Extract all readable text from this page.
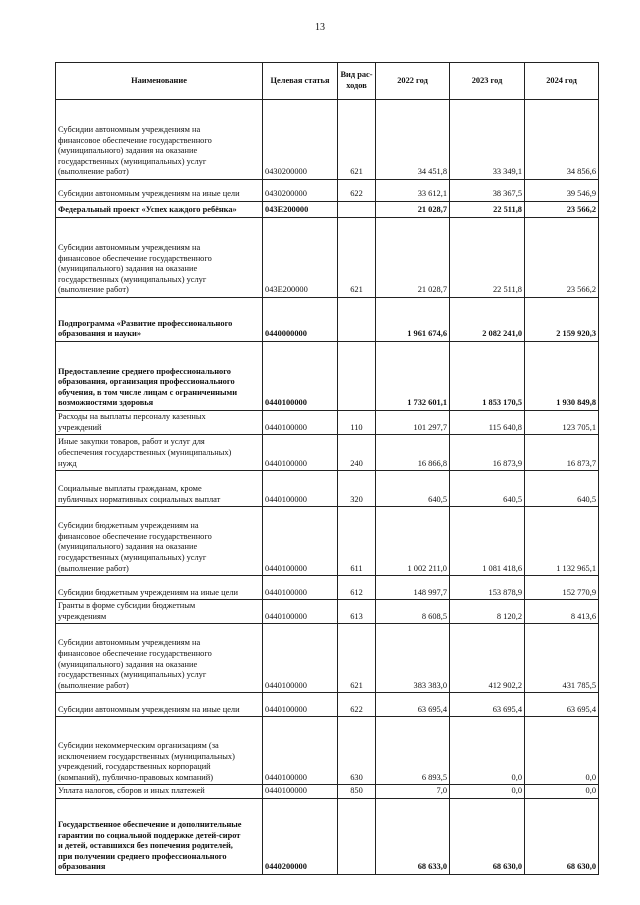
13
Наименование	Целевая статья	Вид рас-
ходов	2022 год	2023 год	2024 год

Субсидии автономным учреждениям на
финансовое обеспечение государственного
(муниципального) задания на оказание
государственных (муниципальных) услуг
(выполнение работ)	0430200000	621	34 451,8	33 349,1	34 856,6

Субсидии автономным учреждениям на иные цели	0430200000	622	33 612,1	38 367,5	39 546,9

Федеральный проект «Успех каждого ребёнка»	043E200000		21 028,7	22 511,8	23 566,2

Субсидии автономным учреждениям на
финансовое обеспечение государственного
(муниципального) задания на оказание
государственных (муниципальных) услуг
(выполнение работ)	043E200000	621	21 028,7	22 511,8	23 566,2

Подпрограмма «Развитие профессионального
образования и науки»	0440000000		1 961 674,6	2 082 241,0	2 159 920,3

Предоставление среднего профессионального
образования, организация профессионального
обучения, в том числе лицам с ограниченными
возможностями здоровья	0440100000		1 732 601,1	1 853 170,5	1 930 849,8

Расходы на выплаты персоналу казенных
учреждений	0440100000	110	101 297,7	115 640,8	123 705,1

Иные закупки товаров, работ и услуг для
обеспечения государственных (муниципальных)
нужд	0440100000	240	16 866,8	16 873,9	16 873,7

Социальные выплаты гражданам, кроме
публичных нормативных социальных выплат	0440100000	320	640,5	640,5	640,5

Субсидии бюджетным учреждениям на
финансовое обеспечение государственного
(муниципального) задания на оказание
государственных (муниципальных) услуг
(выполнение работ)	0440100000	611	1 002 211,0	1 081 418,6	1 132 965,1

Субсидии бюджетным учреждениям на иные цели	0440100000	612	148 997,7	153 878,9	152 770,9

Гранты в форме субсидии бюджетным
учреждениям	0440100000	613	8 608,5	8 120,2	8 413,6

Субсидии автономным учреждениям на
финансовое обеспечение государственного
(муниципального) задания на оказание
государственных (муниципальных) услуг
(выполнение работ)	0440100000	621	383 383,0	412 902,2	431 785,5

Субсидии автономным учреждениям на иные цели	0440100000	622	63 695,4	63 695,4	63 695,4

Субсидии некоммерческим организациям (за
исключением государственных (муниципальных)
учреждений, государственных корпораций
(компаний), публично-правовых компаний)	0440100000	630	6 893,5	0,0	0,0

Уплата налогов, сборов и иных платежей	0440100000	850	7,0	0,0	0,0

Государственное обеспечение и дополнительные
гарантии по социальной поддержке детей-сирот
и детей, оставшихся без попечения родителей,
при получении среднего профессионального
образования	0440200000		68 633,0	68 630,0	68 630,0
